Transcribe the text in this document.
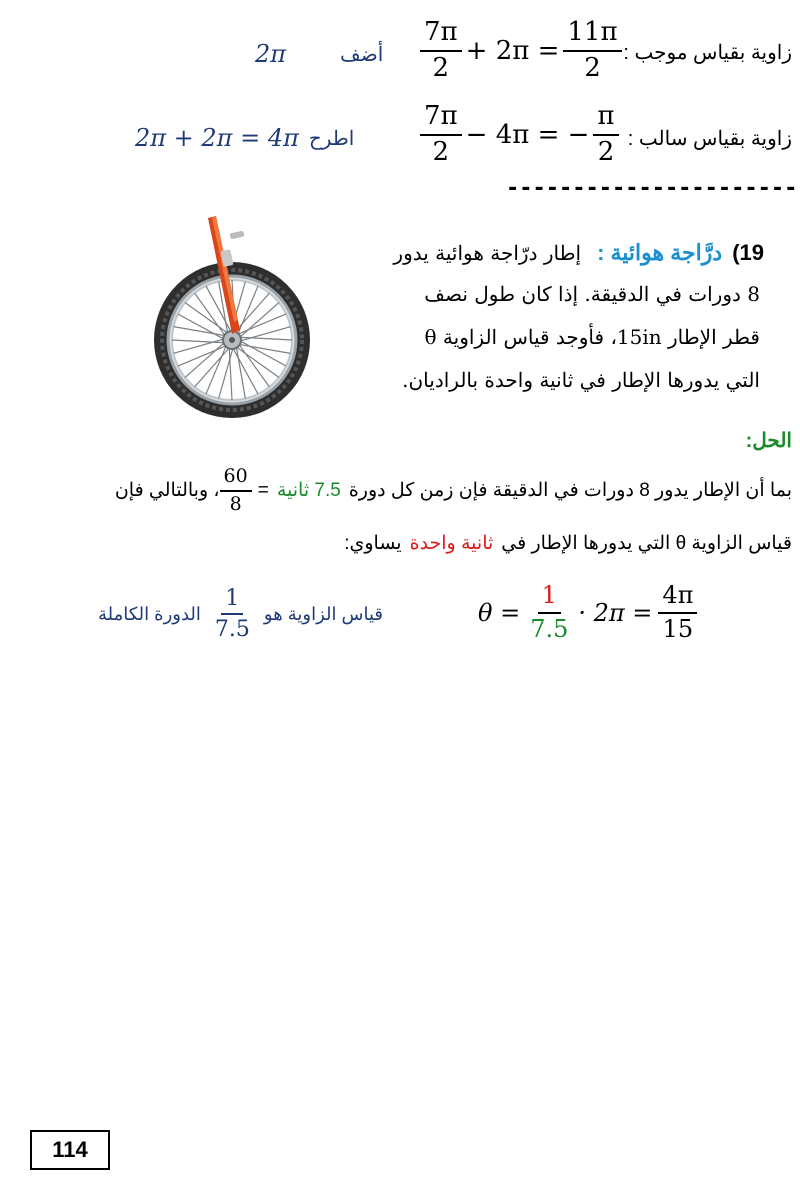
زاوية بقياس موجب :
$\frac{7\pi}{2} + 2\pi = \frac{11\pi}{2}$
2π	أضف
زاوية بقياس سالب :
$\frac{7\pi}{2} - 4\pi$ = − $\frac{\pi}{2}$
2π + 2π = 4π اطرح
----------------------
19)
درَّاجة هوائية :
إطار درّاجة هوائية يدور
8 دورات في الدقيقة. إذا كان طول نصف
قطر الإطار 15in، فأوجد قياس الزاوية θ
التي يدورها الإطار في ثانية واحدة بالراديان.
الحل:
بما أن الإطار يدور 8 دورات في الدقيقة فإن زمن كل دورة
7.5 ثانية
=
$\frac{60}{8}$
، وبالتالي فإن
قياس الزاوية θ التي يدورها الإطار في
ثانية واحدة
يساوي:
$\theta = \frac{1}{7.5} \cdot 2\pi = \frac{4\pi}{15}$
الدورة الكاملة $\frac{1}{7.5}$ قياس الزاوية هو
114
